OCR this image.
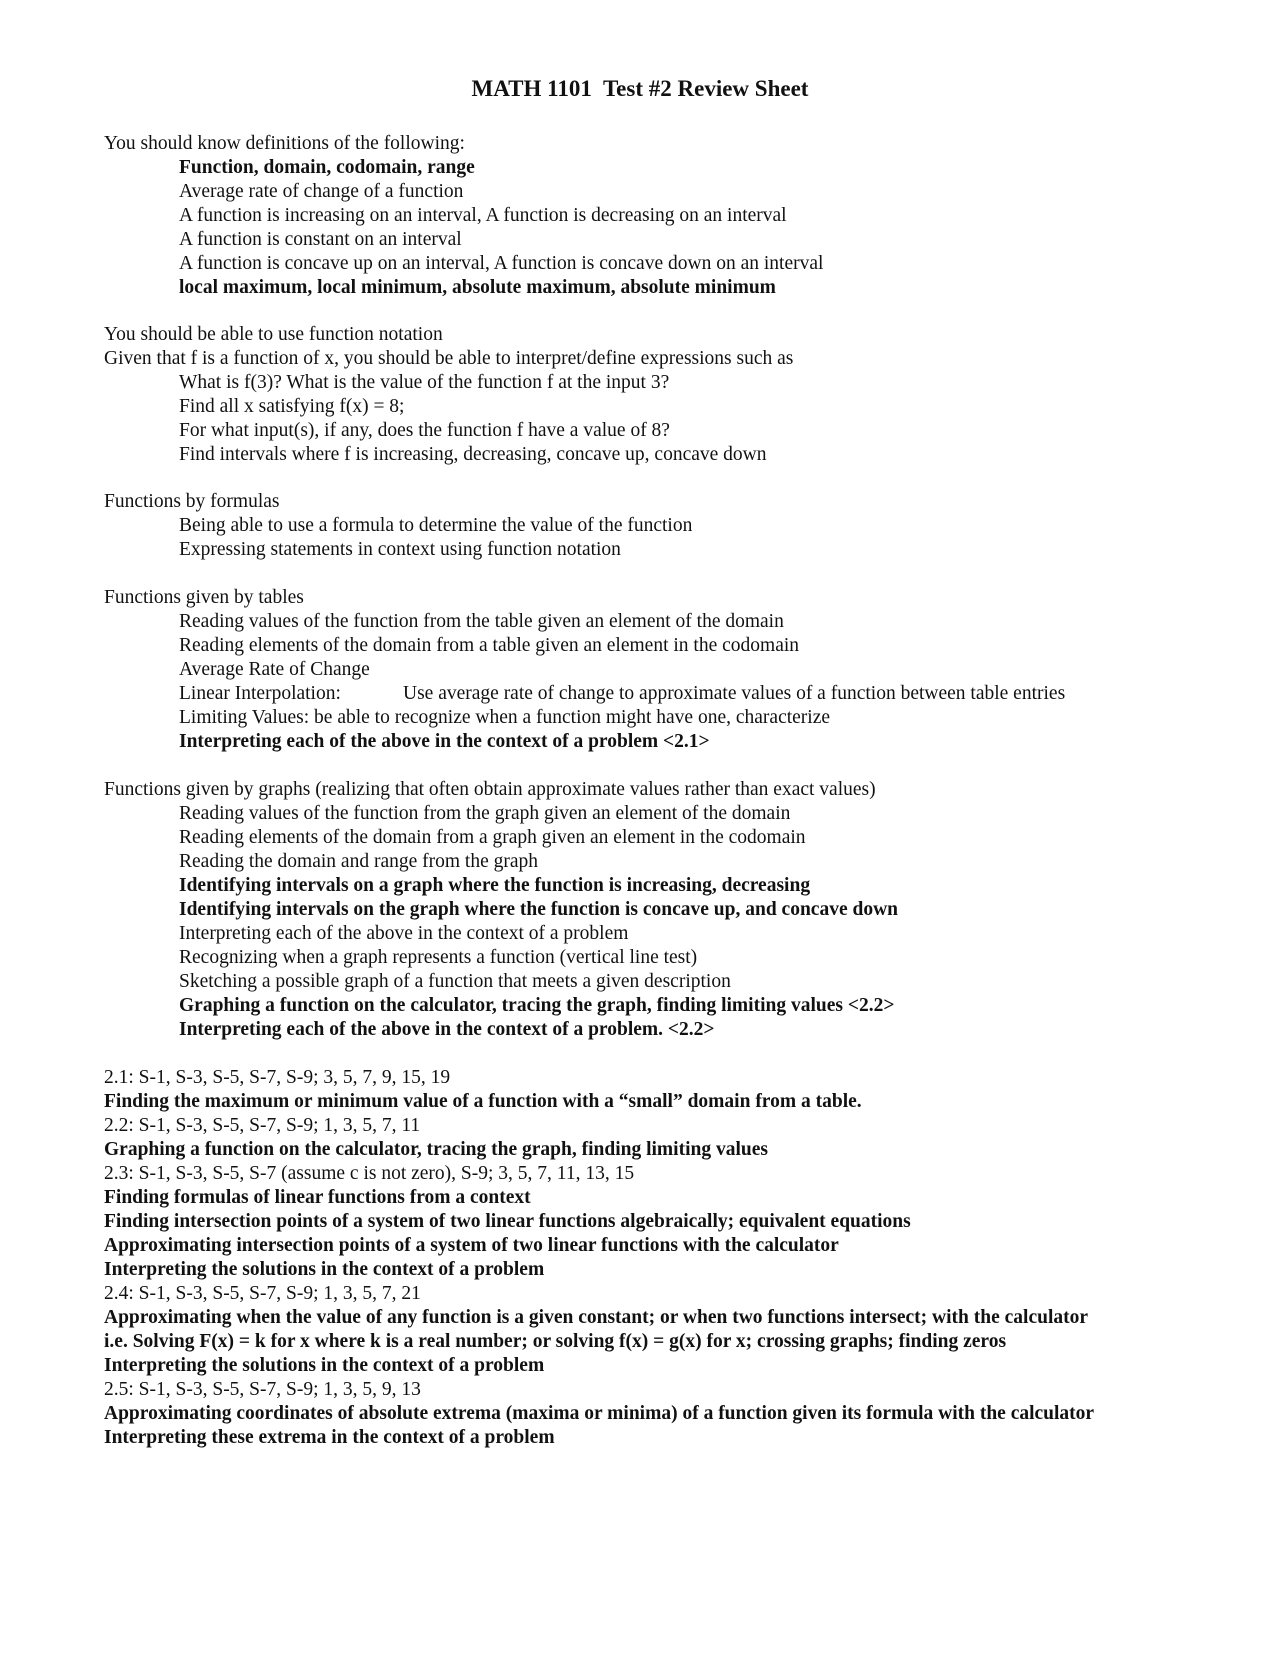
MATH 1101  Test #2 Review Sheet
You should know definitions of the following:
Function, domain, codomain, range
Average rate of change of a function
A function is increasing on an interval, A function is decreasing on an interval
A function is constant on an interval
A function is concave up on an interval, A function is concave down on an interval
local maximum, local minimum, absolute maximum, absolute minimum
You should be able to use function notation
Given that f is a function of x, you should be able to interpret/define expressions such as
What is f(3)? What is the value of the function f at the input 3?
Find all x satisfying f(x) = 8;
For what input(s), if any, does the function f have a value of 8?
Find intervals where f is increasing, decreasing, concave up, concave down
Functions by formulas
Being able to use a formula to determine the value of the function
Expressing statements in context using function notation
Functions given by tables
Reading values of the function from the table given an element of the domain
Reading elements of the domain from a table given an element in the codomain
Average Rate of Change
Linear Interpolation:	Use average rate of change to approximate values of a function between table entries
Limiting Values: be able to recognize when a function might have one, characterize
Interpreting each of the above in the context of a problem <2.1>
Functions given by graphs (realizing that often obtain approximate values rather than exact values)
Reading values of the function from the graph given an element of the domain
Reading elements of the domain from a graph given an element in the codomain
Reading the domain and range from the graph
Identifying intervals on a graph where the function is increasing, decreasing
Identifying intervals on the graph where the function is concave up, and concave down
Interpreting each of the above in the context of a problem
Recognizing when a graph represents a function (vertical line test)
Sketching a possible graph of a function that meets a given description
Graphing a function on the calculator, tracing the graph, finding limiting values <2.2>
Interpreting each of the above in the context of a problem. <2.2>
2.1: S-1, S-3, S-5, S-7, S-9; 3, 5, 7, 9, 15, 19
Finding the maximum or minimum value of a function with a “small” domain from a table.
2.2: S-1, S-3, S-5, S-7, S-9; 1, 3, 5, 7, 11
Graphing a function on the calculator, tracing the graph, finding limiting values
2.3: S-1, S-3, S-5, S-7 (assume c is not zero), S-9; 3, 5, 7, 11, 13, 15
Finding formulas of linear functions from a context
Finding intersection points of a system of two linear functions algebraically; equivalent equations
Approximating intersection points of a system of two linear functions with the calculator
Interpreting the solutions in the context of a problem
2.4: S-1, S-3, S-5, S-7, S-9; 1, 3, 5, 7, 21
Approximating when the value of any function is a given constant; or when two functions intersect; with the calculator
i.e. Solving F(x) = k for x where k is a real number; or solving f(x) = g(x) for x; crossing graphs; finding zeros
Interpreting the solutions in the context of a problem
2.5: S-1, S-3, S-5, S-7, S-9; 1, 3, 5, 9, 13
Approximating coordinates of absolute extrema (maxima or minima) of a function given its formula with the calculator
Interpreting these extrema in the context of a problem
